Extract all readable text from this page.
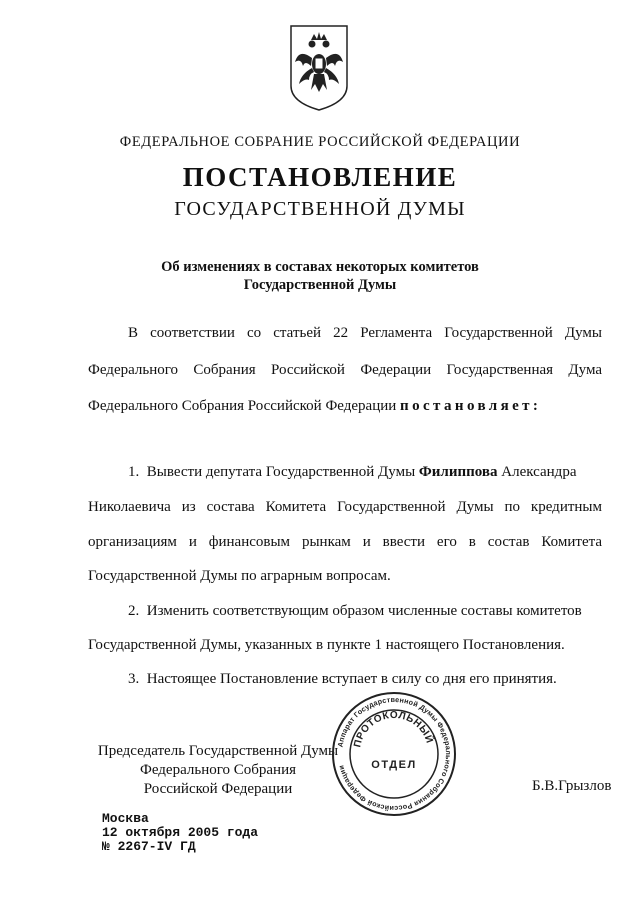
ФЕДЕРАЛЬНОЕ СОБРАНИЕ РОССИЙСКОЙ ФЕДЕРАЦИИ
ПОСТАНОВЛЕНИЕ
ГОСУДАРСТВЕННОЙ ДУМЫ
Об изменениях в составах некоторых комитетов
Государственной Думы
В соответствии со статьей 22 Регламента Государственной Думы
Федерального Собрания Российской Федерации Государственная Дума
Федерального Собрания Российской Федерации постановляет:
1. Вывести депутата Государственной Думы Филиппова Александра
Николаевича из состава Комитета Государственной Думы по кредитным
организациям и финансовым рынкам и ввести его в состав Комитета
Государственной Думы по аграрным вопросам.
2. Изменить соответствующим образом численные составы комитетов
Государственной Думы, указанных в пункте 1 настоящего Постановления.
3. Настоящее Постановление вступает в силу со дня его принятия.
Председатель Государственной Думы
Федерального Собрания
Российской Федерации	Б.В.Грызлов
Аппарат Государственной Думы Федерального Собрания Российской Федерации
ПРОТОКОЛЬНЫЙ
ОТДЕЛ
Москва
12 октября 2005 года
№ 2267-IV ГД
